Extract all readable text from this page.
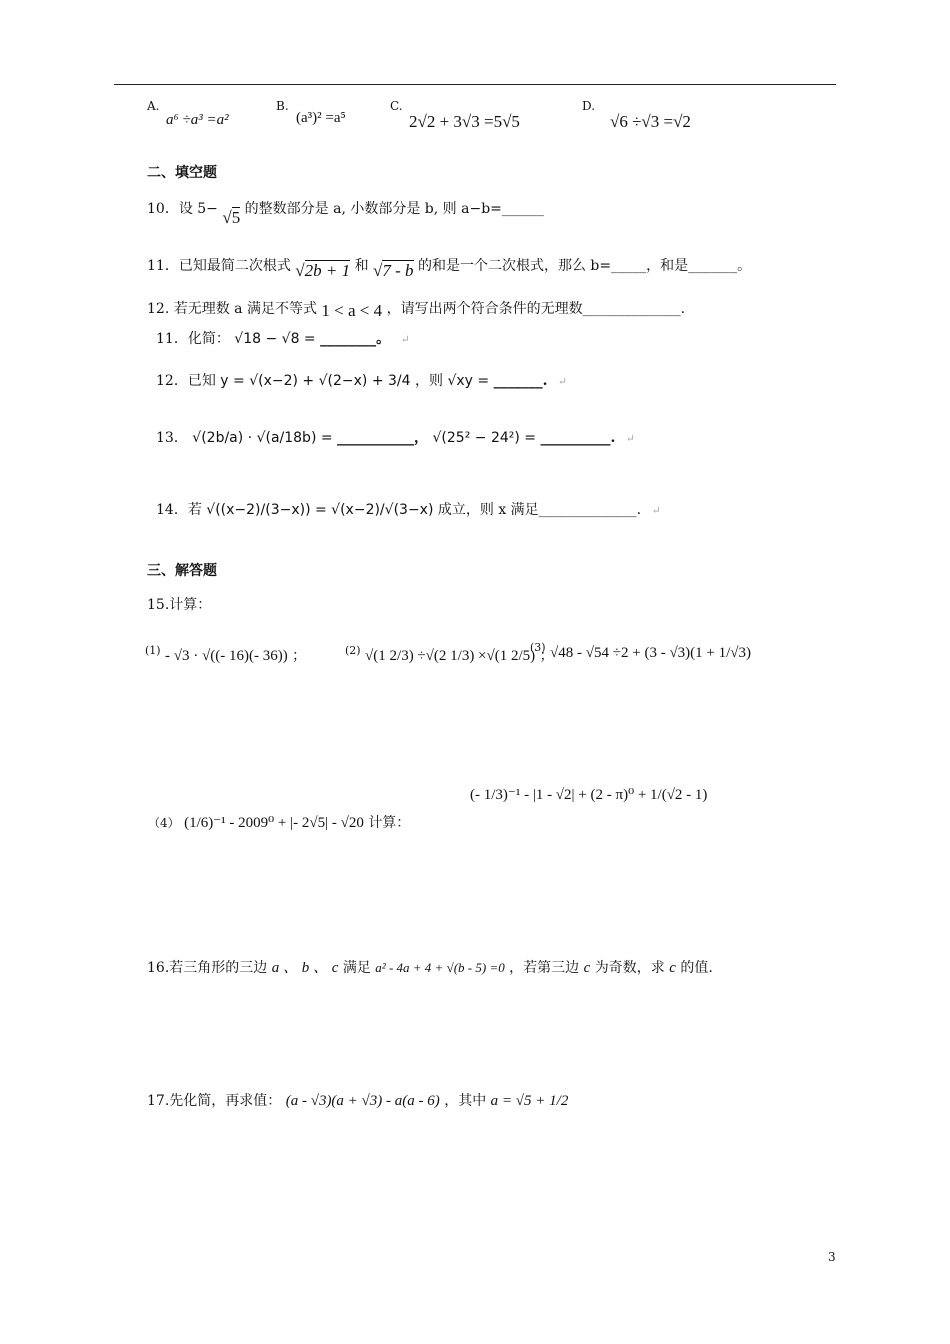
A.
a⁶ ÷a³ =a²
B.
(a³)² =a⁵
C.
2√2 + 3√3 =5√5
D.
√6 ÷√3 =√2
二、填空题
10．设 5− √5 的整数部分是 a, 小数部分是 b, 则 a−b=______
11．已知最简二次根式 √2b + 1 和 √7 - b 的和是一个二次根式，那么 b=_____，和是_______。
12. 若无理数 a 满足不等式 1 < a < 4 ，请写出两个符合条件的无理数______________.
11．化简： √18 − √8 = ________。 ↵
12．已知 y = √(x−2) + √(2−x) + 3/4 ，则 √xy = _______. ↵
13． √(2b/a) · √(a/18b) = ___________， √(25² − 24²) = __________. ↵
14．若 √((x−2)/(3−x)) = √(x−2)/√(3−x) 成立，则 x 满足______________. ↵
三、解答题
15.计算：
$^{(1)}$ - √3 · √((- 16)(- 36)) ；	$^{(2)}$ √(1 2/3) ÷√(2 1/3) ×√(1 2/5) ；
$^{(3)}$ √48 - √54 ÷2 + (3 - √3)(1 + 1/√3)
（4） (1/6)⁻¹ - 2009⁰ + |- 2√5| - √20 计算：
(- 1/3)⁻¹ - |1 - √2| + (2 - π)⁰ + 1/(√2 - 1)
16.若三角形的三边 a 、 b 、 c 满足 a² - 4a + 4 + √(b - 5) =0 ，若第三边 c 为奇数，求 c 的值.
17.先化简，再求值： (a - √3)(a + √3) - a(a - 6) ，其中 a = √5 + 1/2
3
